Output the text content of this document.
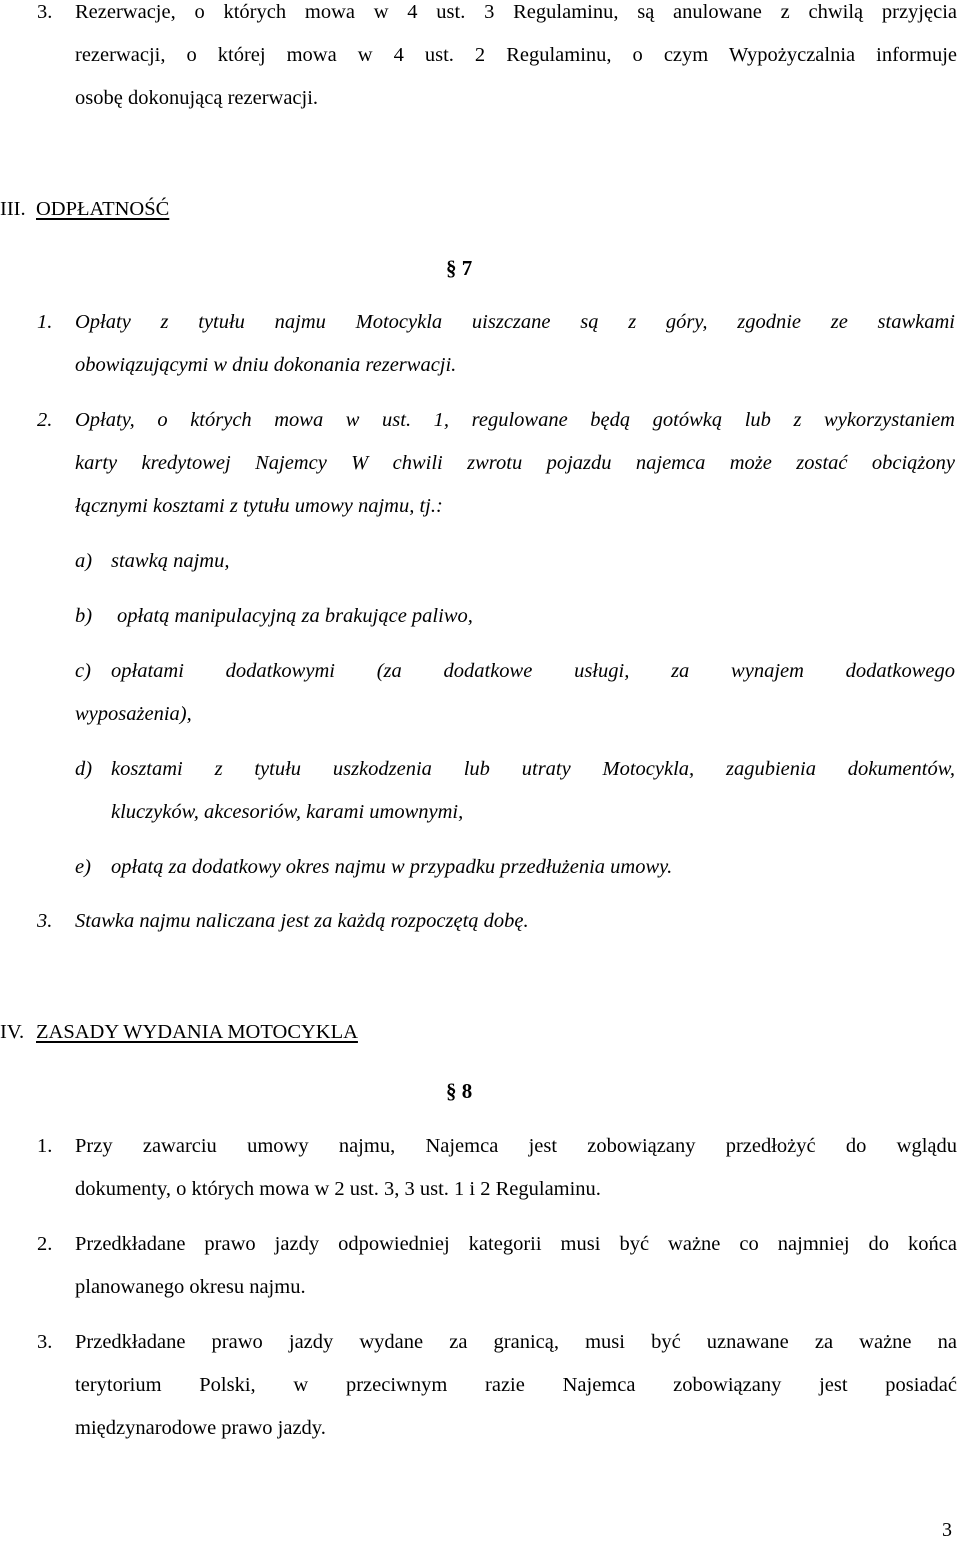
3. Rezerwacje, o których mowa w 4 ust. 3 Regulaminu, są anulowane z chwilą przyjęcia
rezerwacji, o której mowa w 4 ust. 2 Regulaminu, o czym Wypożyczalnia informuje
osobę dokonującą rezerwacji.
III. ODPŁATNOŚĆ
§ 7
1. Opłaty z tytułu najmu Motocykla uiszczane są z góry, zgodnie ze stawkami
obowiązującymi w dniu dokonania rezerwacji.
2. Opłaty, o których mowa w ust. 1, regulowane będą gotówką lub z wykorzystaniem
karty kredytowej Najemcy W chwili zwrotu pojazdu najemca może zostać obciążony
łącznymi kosztami z tytułu umowy najmu, tj.:
a) stawką najmu,
b) opłatą manipulacyjną za brakujące paliwo,
c) opłatami dodatkowymi (za dodatkowe usługi, za wynajem dodatkowego
wyposażenia),
d) kosztami z tytułu uszkodzenia lub utraty Motocykla, zagubienia dokumentów,
kluczyków, akcesoriów, karami umownymi,
e) opłatą za dodatkowy okres najmu w przypadku przedłużenia umowy.
3. Stawka najmu naliczana jest za każdą rozpoczętą dobę.
IV. ZASADY WYDANIA MOTOCYKLA
§ 8
1. Przy zawarciu umowy najmu, Najemca jest zobowiązany przedłożyć do wglądu
dokumenty, o których mowa w 2 ust. 3, 3 ust. 1 i 2 Regulaminu.
2. Przedkładane prawo jazdy odpowiedniej kategorii musi być ważne co najmniej do końca
planowanego okresu najmu.
3. Przedkładane prawo jazdy wydane za granicą, musi być uznawane za ważne na
terytorium Polski, w przeciwnym razie Najemca zobowiązany jest posiadać
międzynarodowe prawo jazdy.
3
